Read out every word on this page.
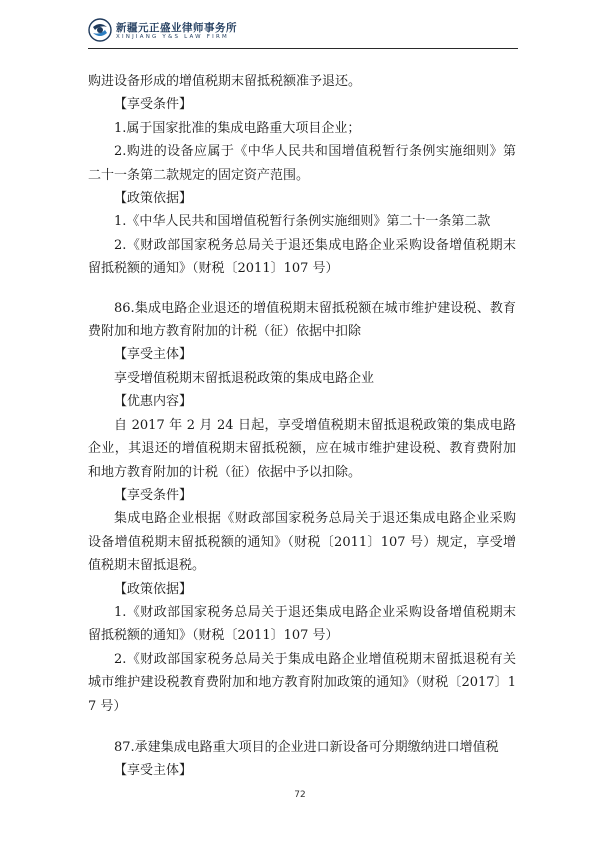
新疆元正盛业律师事务所
XINJIANG Y&S LAW FIRM

购进设备形成的增值税期末留抵税额准予退还。

【享受条件】

1.属于国家批准的集成电路重大项目企业；

2.购进的设备应属于《中华人民共和国增值税暂行条例实施细则》第二十一条第二款规定的固定资产范围。

【政策依据】

1.《中华人民共和国增值税暂行条例实施细则》第二十一条第二款

2.《财政部国家税务总局关于退还集成电路企业采购设备增值税期末留抵税额的通知》（财税〔2011〕107 号）

86.集成电路企业退还的增值税期末留抵税额在城市维护建设税、教育费附加和地方教育附加的计税（征）依据中扣除

【享受主体】

享受增值税期末留抵退税政策的集成电路企业

【优惠内容】

自 2017 年 2 月 24 日起，享受增值税期末留抵退税政策的集成电路企业，其退还的增值税期末留抵税额，应在城市维护建设税、教育费附加和地方教育附加的计税（征）依据中予以扣除。

【享受条件】

集成电路企业根据《财政部国家税务总局关于退还集成电路企业采购设备增值税期末留抵税额的通知》（财税〔2011〕107 号）规定，享受增值税期末留抵退税。

【政策依据】

1.《财政部国家税务总局关于退还集成电路企业采购设备增值税期末留抵税额的通知》（财税〔2011〕107 号）

2.《财政部国家税务总局关于集成电路企业增值税期末留抵退税有关城市维护建设税教育费附加和地方教育附加政策的通知》（财税〔2017〕17 号）

87.承建集成电路重大项目的企业进口新设备可分期缴纳进口增值税

【享受主体】

72
